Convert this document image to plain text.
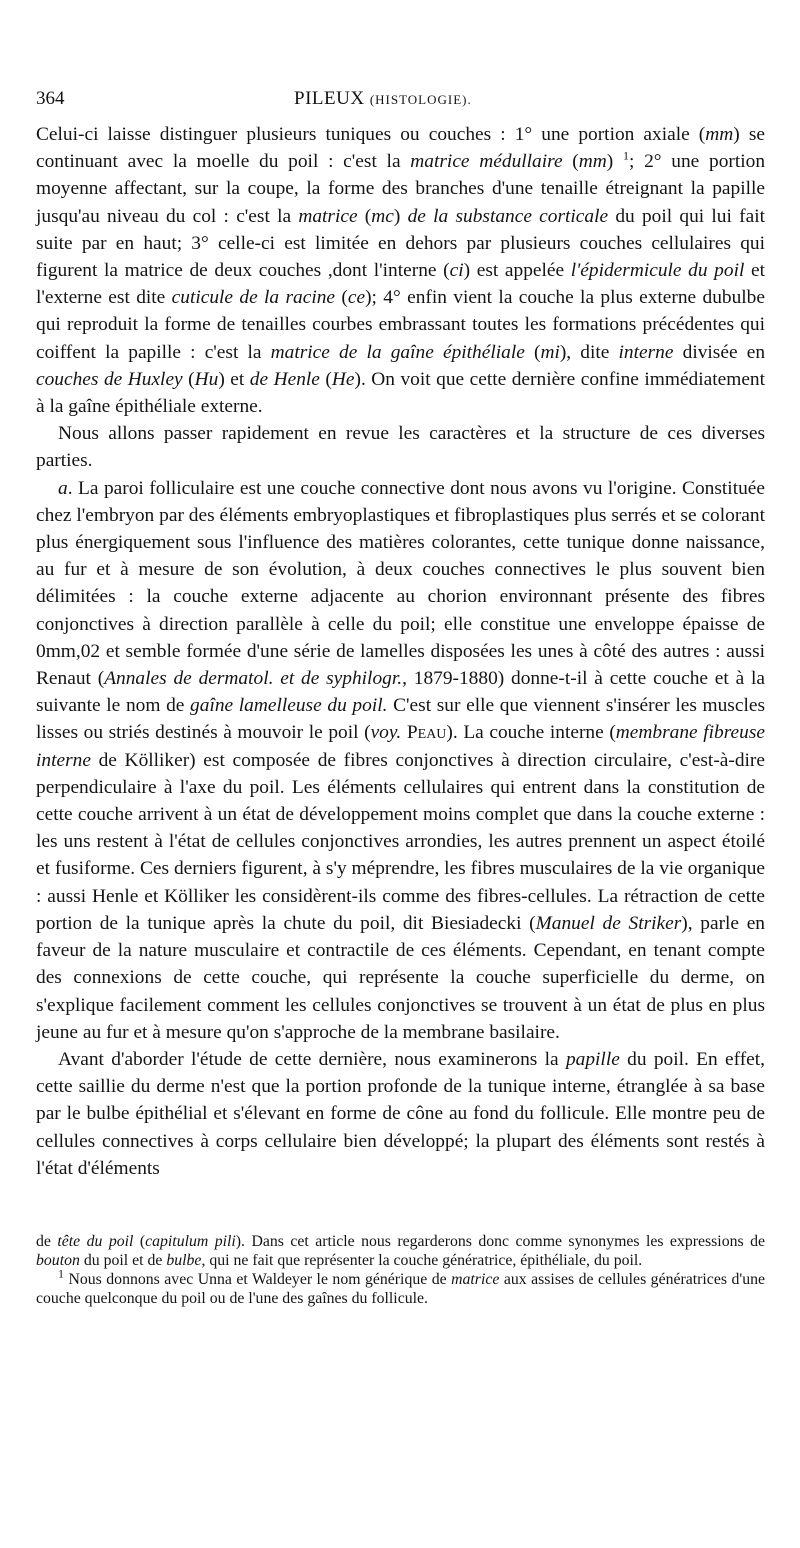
364	PILEUX (HISTOLOGIE).

Celui-ci laisse distinguer plusieurs tuniques ou couches : 1° une portion axiale (mm) se continuant avec la moelle du poil : c'est la matrice médullaire (mm) $^1$; 2° une portion moyenne affectant, sur la coupe, la forme des branches d'une tenaille étreignant la papille jusqu'au niveau du col : c'est la matrice (mc) de la substance corticale du poil qui lui fait suite par en haut; 3° celle-ci est limitée en dehors par plusieurs couches cellulaires qui figurent la matrice de deux couches ,dont l'interne (ci) est appelée l'épidermicule du poil et l'externe est dite cuticule de la racine (ce); 4° enfin vient la couche la plus externe dubulbe qui reproduit la forme de tenailles courbes embrassant toutes les formations précédentes qui coiffent la papille : c'est la matrice de la gaîne épithéliale (mi), dite interne divisée en couches de Huxley (Hu) et de Henle (He). On voit que cette dernière confine immédiatement à la gaîne épithéliale externe.

Nous allons passer rapidement en revue les caractères et la structure de ces diverses parties.

a. La paroi folliculaire est une couche connective dont nous avons vu l'origine. Constituée chez l'embryon par des éléments embryoplastiques et fibroplastiques plus serrés et se colorant plus énergiquement sous l'influence des matières colorantes, cette tunique donne naissance, au fur et à mesure de son évolution, à deux couches connectives le plus souvent bien délimitées : la couche externe adjacente au chorion environnant présente des fibres conjonctives à direction parallèle à celle du poil; elle constitue une enveloppe épaisse de 0mm,02 et semble formée d'une série de lamelles disposées les unes à côté des autres : aussi Renaut (Annales de dermatol. et de syphilogr., 1879-1880) donne-t-il à cette couche et à la suivante le nom de gaîne lamelleuse du poil. C'est sur elle que viennent s'insérer les muscles lisses ou striés destinés à mouvoir le poil (voy. Peau). La couche interne (membrane fibreuse interne de Kölliker) est composée de fibres conjonctives à direction circulaire, c'est-à-dire perpendiculaire à l'axe du poil. Les éléments cellulaires qui entrent dans la constitution de cette couche arrivent à un état de développement moins complet que dans la couche externe : les uns restent à l'état de cellules conjonctives arrondies, les autres prennent un aspect étoilé et fusiforme. Ces derniers figurent, à s'y méprendre, les fibres musculaires de la vie organique : aussi Henle et Kölliker les considèrent-ils comme des fibres-cellules. La rétraction de cette portion de la tunique après la chute du poil, dit Biesiadecki (Manuel de Striker), parle en faveur de la nature musculaire et contractile de ces éléments. Cependant, en tenant compte des connexions de cette couche, qui représente la couche superficielle du derme, on s'explique facilement comment les cellules conjonctives se trouvent à un état de plus en plus jeune au fur et à mesure qu'on s'approche de la membrane basilaire.

Avant d'aborder l'étude de cette dernière, nous examinerons la papille du poil. En effet, cette saillie du derme n'est que la portion profonde de la tunique interne, étranglée à sa base par le bulbe épithélial et s'élevant en forme de cône au fond du follicule. Elle montre peu de cellules connectives à corps cellulaire bien développé; la plupart des éléments sont restés à l'état d'éléments

de tête du poil (capitulum pili). Dans cet article nous regarderons donc comme synonymes les expressions de bouton du poil et de bulbe, qui ne fait que représenter la couche génératrice, épithéliale, du poil.

$^1$ Nous donnons avec Unna et Waldeyer le nom générique de matrice aux assises de cellules génératrices d'une couche quelconque du poil ou de l'une des gaînes du follicule.
